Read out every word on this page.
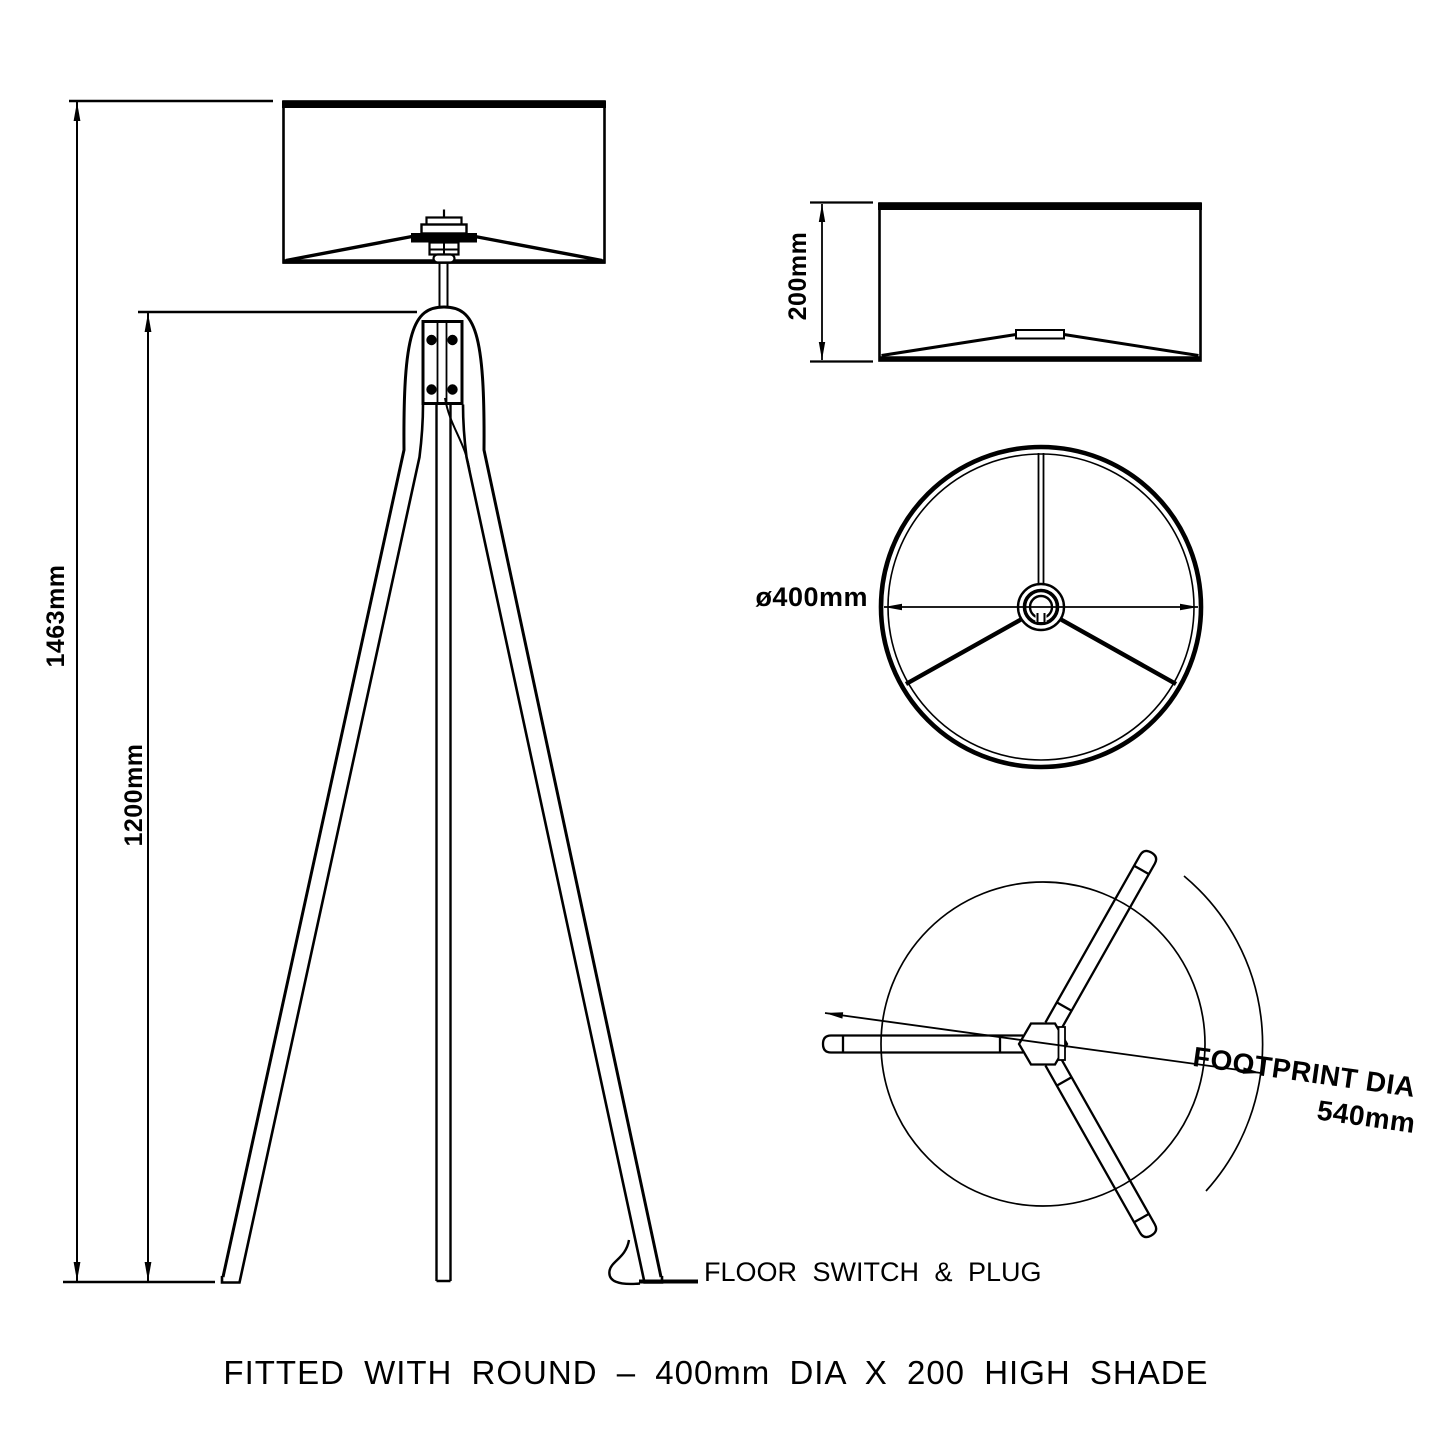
1463mm
1200mm
FLOOR SWITCH & PLUG
200mm
ø400mm
FOOTPRINT DIA
540mm
FITTED WITH ROUND – 400mm DIA X 200 HIGH SHADE
